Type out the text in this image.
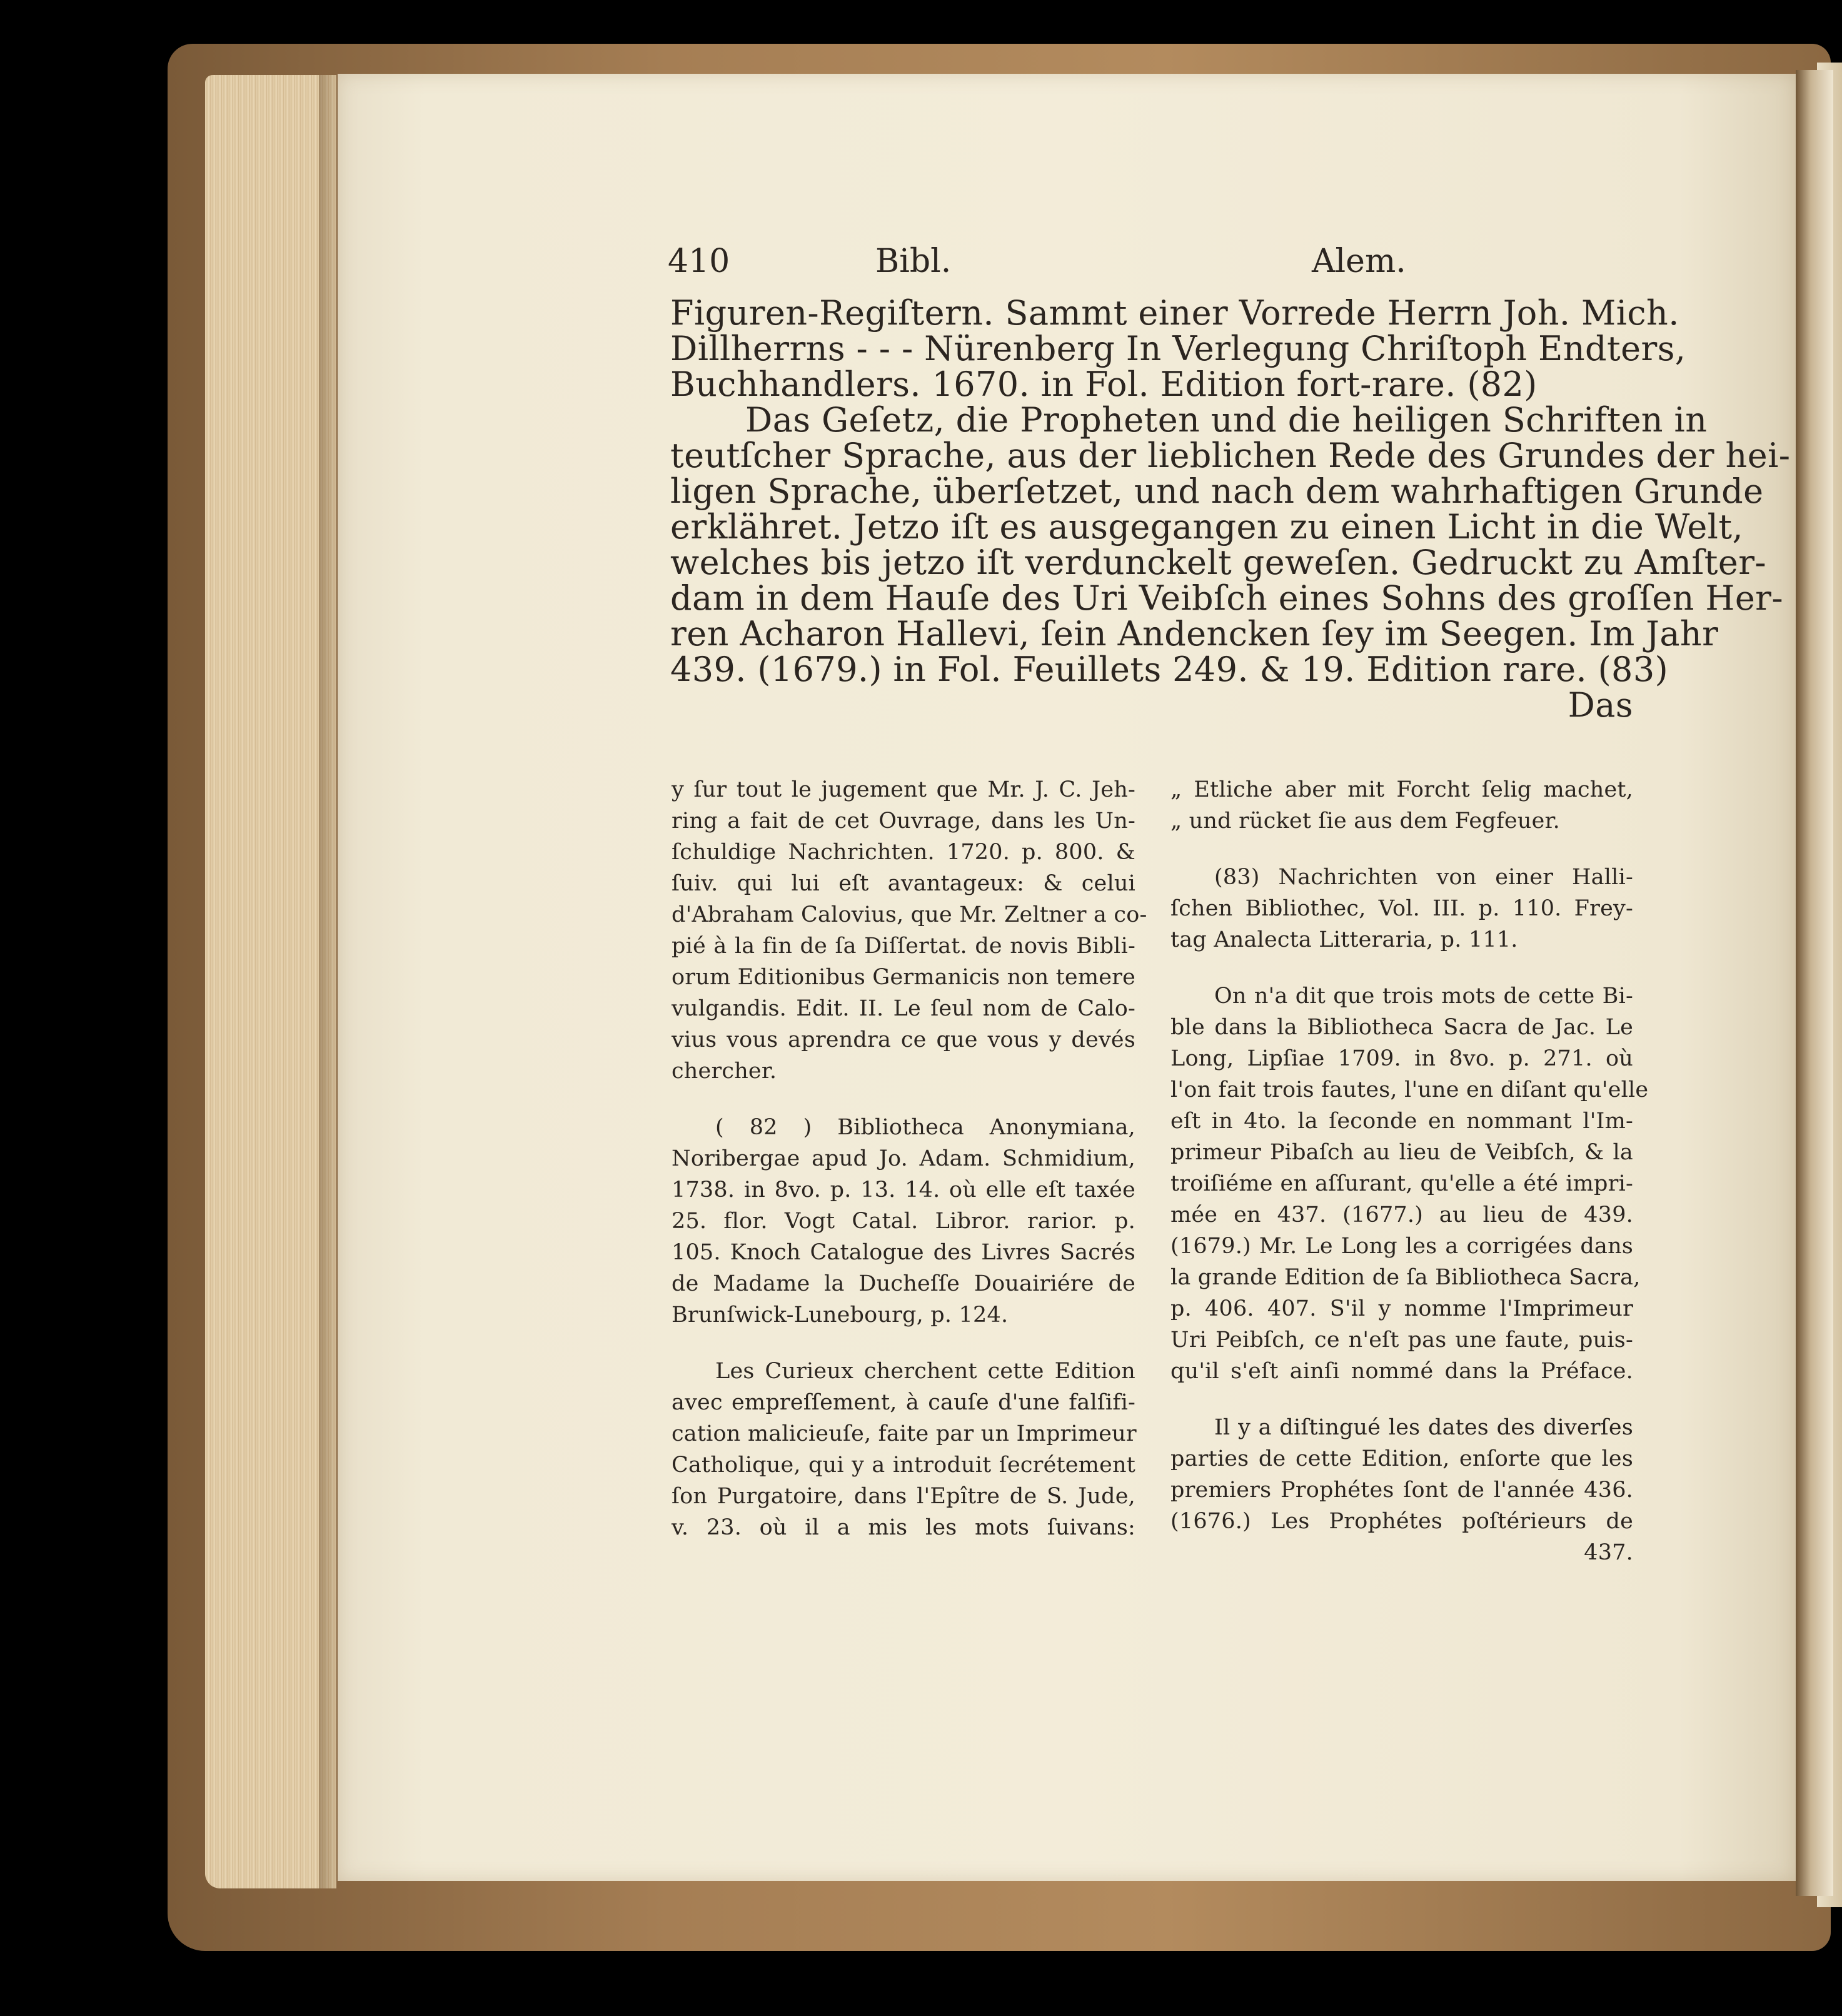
410	Bibl.	Alem.
Figuren-Regiſtern. Sammt einer Vorrede Herrn Joh. Mich.
Dillherrns - - - Nürenberg In Verlegung Chriſtoph Endters,
Buchhandlers. 1670. in Fol. Edition fort-rare. (82)
Das Geſetz, die Propheten und die heiligen Schriften in
teutſcher Sprache, aus der lieblichen Rede des Grundes der hei-
ligen Sprache, überſetzet, und nach dem wahrhaftigen Grunde
erklähret. Jetzo iſt es ausgegangen zu einen Licht in die Welt,
welches bis jetzo iſt verdunckelt geweſen. Gedruckt zu Amſter-
dam in dem Hauſe des Uri Veibſch eines Sohns des groſſen Her-
ren Acharon Hallevi, ſein Andencken ſey im Seegen. Im Jahr
439. (1679.) in Fol. Feuillets 249. & 19. Edition rare. (83)
Das
y ſur tout le jugement que Mr. J. C. Jeh-
ring a fait de cet Ouvrage, dans les Un-
ſchuldige Nachrichten. 1720. p. 800. &
ſuiv. qui lui eſt avantageux: & celui
d'Abraham Calovius, que Mr. Zeltner a co-
pié à la fin de ſa Diſſertat. de novis Bibli-
orum Editionibus Germanicis non temere
vulgandis. Edit. II. Le ſeul nom de Calo-
vius vous aprendra ce que vous y devés
chercher.
( 82 ) Bibliotheca Anonymiana,
Noribergae apud Jo. Adam. Schmidium,
1738. in 8vo. p. 13. 14. où elle eſt taxée
25. flor. Vogt Catal. Libror. rarior. p.
105. Knoch Catalogue des Livres Sacrés
de Madame la Ducheſſe Douairiére de
Brunſwick-Lunebourg, p. 124.
Les Curieux cherchent cette Edition
avec empreſſement, à cauſe d'une falſifi-
cation malicieuſe, faite par un Imprimeur
Catholique, qui y a introduit ſecrétement
ſon Purgatoire, dans l'Epître de S. Jude,
v. 23. où il a mis les mots ſuivans:
„ Etliche aber mit Forcht ſelig machet,
„ und rücket ſie aus dem Fegfeuer.
(83) Nachrichten von einer Halli-
ſchen Bibliothec, Vol. III. p. 110. Frey-
tag Analecta Litteraria, p. 111.
On n'a dit que trois mots de cette Bi-
ble dans la Bibliotheca Sacra de Jac. Le
Long, Lipſiae 1709. in 8vo. p. 271. où
l'on fait trois fautes, l'une en diſant qu'elle
eſt in 4to. la ſeconde en nommant l'Im-
primeur Pibaſch au lieu de Veibſch, & la
troiſiéme en aſſurant, qu'elle a été impri-
mée en 437. (1677.) au lieu de 439.
(1679.) Mr. Le Long les a corrigées dans
la grande Edition de ſa Bibliotheca Sacra,
p. 406. 407. S'il y nomme l'Imprimeur
Uri Peibſch, ce n'eſt pas une faute, puis-
qu'il s'eſt ainſi nommé dans la Préface.
Il y a diſtingué les dates des diverſes
parties de cette Edition, enſorte que les
premiers Prophétes ſont de l'année 436.
(1676.) Les Prophétes poſtérieurs de
437.
